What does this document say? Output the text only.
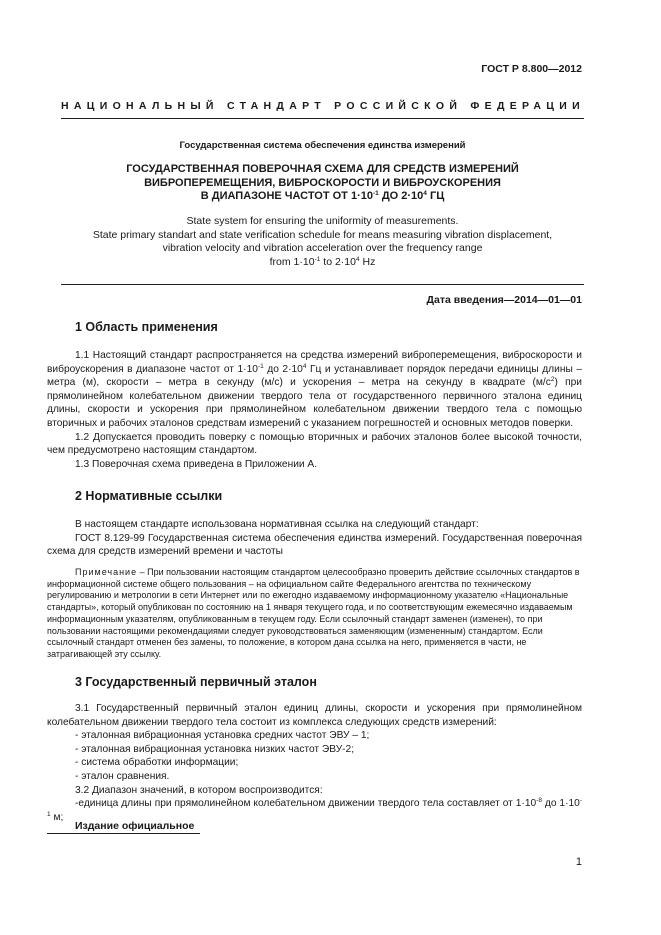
ГОСТ Р 8.800—2012
НАЦИОНАЛЬНЫЙ СТАНДАРТ РОССИЙСКОЙ ФЕДЕРАЦИИ
Государственная система обеспечения единства измерений
ГОСУДАРСТВЕННАЯ ПОВЕРОЧНАЯ СХЕМА ДЛЯ СРЕДСТВ ИЗМЕРЕНИЙ
ВИБРОПЕРЕМЕЩЕНИЯ, ВИБРОСКОРОСТИ И ВИБРОУСКОРЕНИЯ
В ДИАПАЗОНЕ ЧАСТОТ ОТ $1\cdot 10^{-1}$ ДО $2\cdot 10^4$ ГЦ
State system for ensuring the uniformity of measurements.
State primary standart and state verification schedule for means measuring vibration displacement,
vibration velocity and vibration acceleration over the frequency range
from $1\cdot 10^{-1}$ to $2\cdot 10^4$ Hz
Дата введения—2014—01—01
1 Область применения

1.1 Настоящий стандарт распространяется на средства измерений виброперемещения, виброскорости и виброускорения в диапазоне частот от $1\cdot 10^{-1}$ до $2\cdot 10^4$ Гц и устанавливает порядок передачи единицы длины – метра (м), скорости – метра в секунду (м/с) и ускорения – метра на секунду в квадрате $(м/с^2)$ при прямолинейном колебательном движении твердого тела от государственного первичного эталона единиц длины, скорости и ускорения при прямолинейном колебательном движении твердого тела с помощью вторичных и рабочих эталонов средствам измерений с указанием погрешностей и основных методов поверки.

1.2 Допускается проводить поверку с помощью вторичных и рабочих эталонов более высокой точности, чем предусмотрено настоящим стандартом.

1.3 Поверочная схема приведена в Приложении А.

2 Нормативные ссылки

В настоящем стандарте использована нормативная ссылка на следующий стандарт:

ГОСТ 8.129-99 Государственная система обеспечения единства измерений. Государственная поверочная схема для средств измерений времени и частоты

Примечание – При пользовании настоящим стандартом целесообразно проверить действие ссылочных стандартов в информационной системе общего пользования – на официальном сайте Федерального агентства по техническому регулированию и метрологии в сети Интернет или по ежегодно издаваемому информационному указателю «Национальные стандарты», который опубликован по состоянию на 1 января текущего года, и по соответствующим ежемесячно издаваемым информационным указателям, опубликованным в текущем году. Если ссылочный стандарт заменен (изменен), то при пользовании настоящими рекомендациями следует руководствоваться заменяющим (измененным) стандартом. Если ссылочный стандарт отменен без замены, то положение, в котором дана ссылка на него, применяется в части, не затрагивающей эту ссылку.

3 Государственный первичный эталон

3.1 Государственный первичный эталон единиц длины, скорости и ускорения при прямолинейном колебательном движении твердого тела состоит из комплекса следующих средств измерений:

- эталонная вибрационная установка средних частот ЭВУ – 1;

- эталонная вибрационная установка низких частот ЭВУ-2;

- система обработки информации;

- эталон сравнения.

3.2 Диапазон значений, в котором воспроизводится:

-единица длины при прямолинейном колебательном движении твердого тела составляет от $1\cdot 10^{-8}$ до $1\cdot 10^{-1}$ м;

Издание официальное
1
